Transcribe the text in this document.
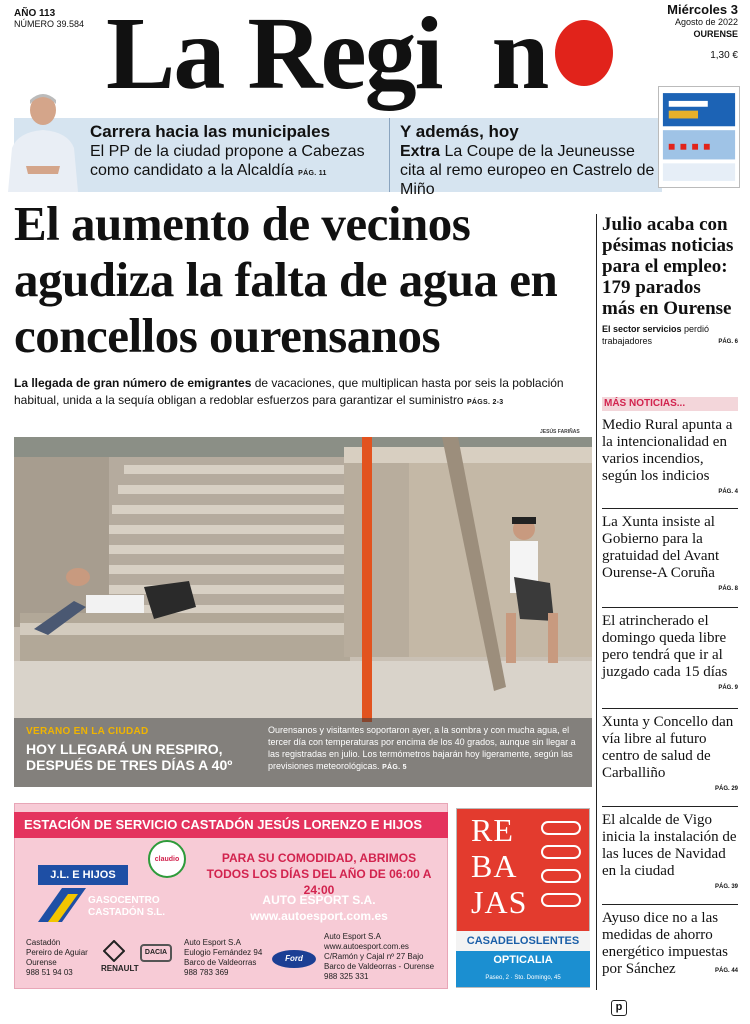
AÑO 113
NÚMERO 39.584 La Regi n	Miércoles 3
Agosto de 2022
OURENSE
1,30 €
Carrera hacia las municipales
El PP de la ciudad propone a Cabezas como candidato a la Alcaldía PÁG. 11
Y además, hoy
Extra La Coupe de la Jeuneusse cita al remo europeo en Castrelo de Miño
El aumento de vecinos agudiza la falta de agua en concellos ourensanos
La llegada de gran número de emigrantes de vacaciones, que multiplican hasta por seis la población habitual, unida a la sequía obligan a redoblar esfuerzos para garantizar el suministro PÁGS. 2-3
JESÚS FARIÑAS
VERANO EN LA CIUDAD
HOY LLEGARÁ UN RESPIRO, DESPUÉS DE TRES DÍAS A 40º
Ourensanos y visitantes soportaron ayer, a la sombra y con mucha agua, el tercer día con temperaturas por encima de los 40 grados, aunque sin llegar a las registradas en julio. Los termómetros bajarán hoy ligeramente, según las previsiones meteorológicas. PÁG. 5
ESTACIÓN DE SERVICIO CASTADÓN JESÚS LORENZO E HIJOS
J.L. E HIJOS
claudio
GASOCENTRO CASTADÓN S.L.
PARA SU COMODIDAD, ABRIMOS TODOS LOS DÍAS DEL AÑO DE 06:00 A 24:00
AUTO ESPORT S.A.
www.autoesport.com.es
Castadón
Pereiro de Aguiar
Ourense
988 51 94 03	RENAULT
DACIA
Auto Esport S.A
Eulogio Fernández 94
Barco de Valdeorras
988 783 369
Ford
Auto Esport S.A
www.autoesport.com.es
C/Ramón y Cajal nº 27 Bajo
Barco de Valdeorras - Ourense
988 325 331
RE
BA
JAS
CASADELOSLENTES
OPTICALIA
Paseo, 2 · Sto. Domingo, 45
Julio acaba con pésimas noticias para el empleo: 179 parados más en Ourense
El sector servicios perdió trabajadores	PÁG. 6
MÁS NOTICIAS...
Medio Rural apunta a la intencionalidad en varios incendios, según los indicios
PÁG. 4
La Xunta insiste al Gobierno para la gratuidad del Avant Ourense-A Coruña
PÁG. 8
El atrincherado el domingo queda libre pero tendrá que ir al juzgado cada 15 días
PÁG. 9
Xunta y Concello dan vía libre al futuro centro de salud de Carballiño
PÁG. 29
El alcalde de Vigo inicia la instalación de las luces de Navidad en la ciudad
PÁG. 39
Ayuso dice no a las medidas de ahorro energético impuestas por Sánchez	PÁG. 44
p
